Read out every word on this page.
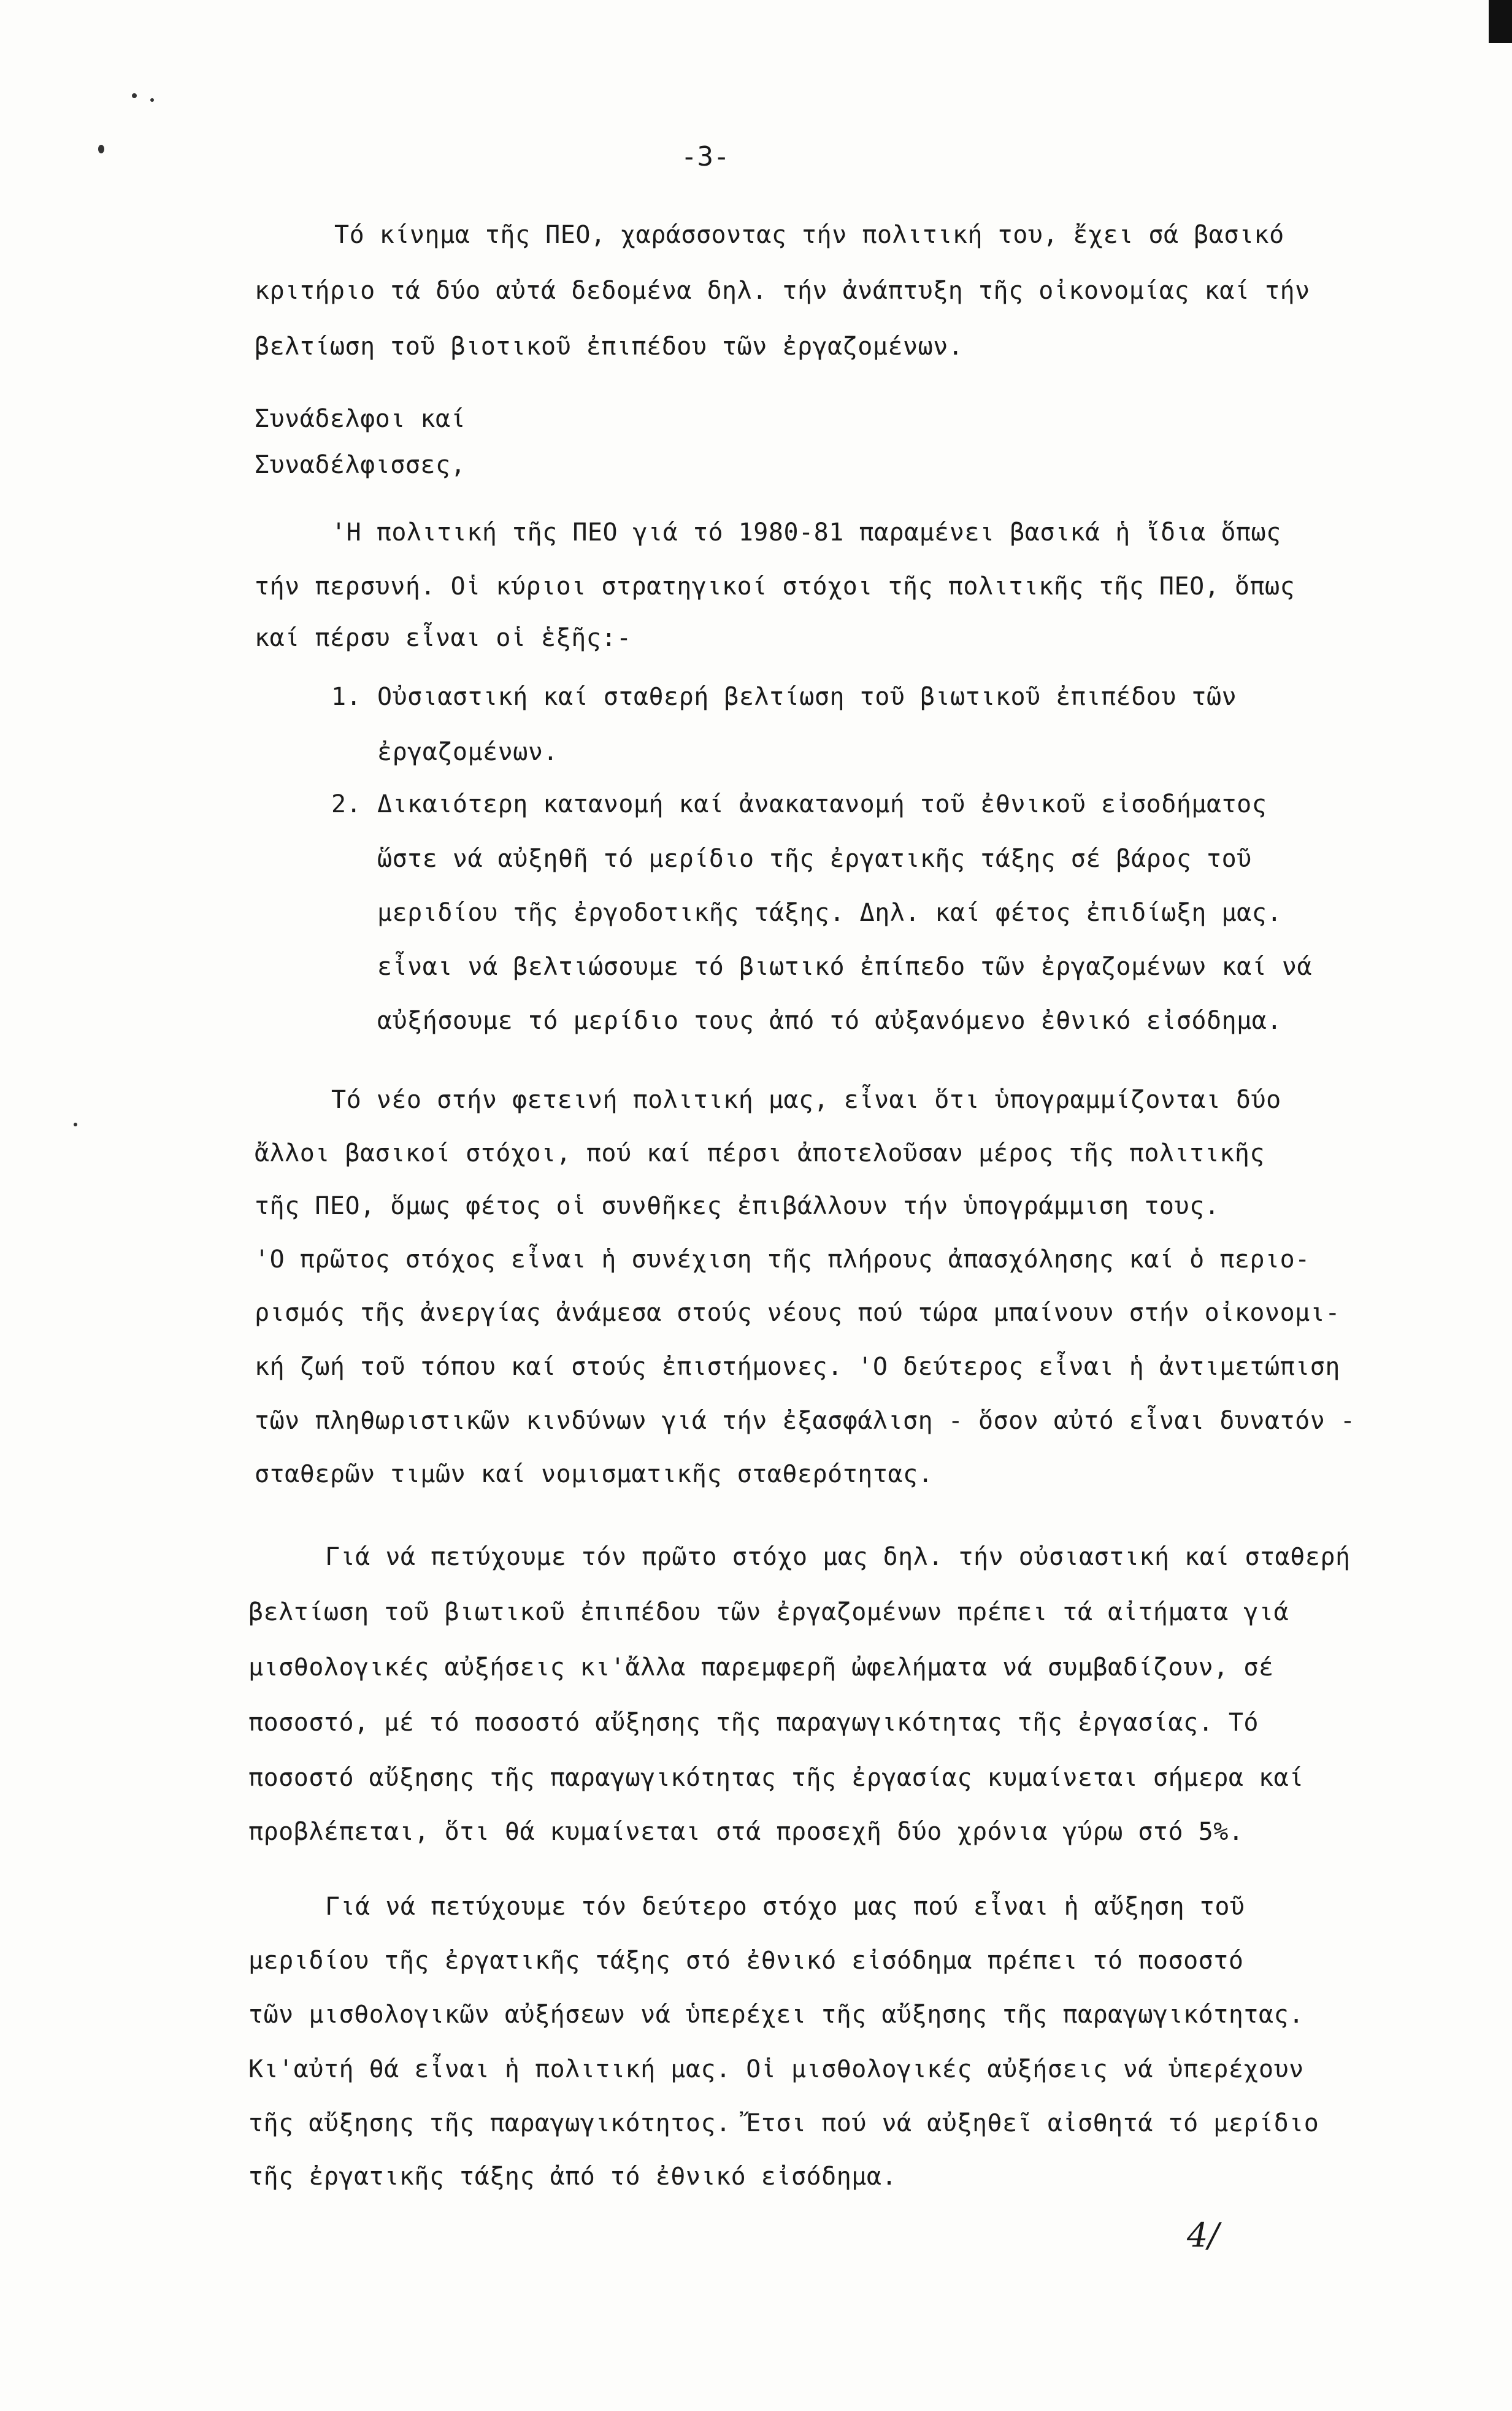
-3-
Τό κίνημα τῆς ΠΕΟ, χαράσσοντας τήν πολιτική του, ἔχει σά βασικό
κριτήριο τά δύο αὐτά δεδομένα δηλ. τήν ἀνάπτυξη τῆς οἰκονομίας καί τήν
βελτίωση τοῦ βιοτικοῦ ἐπιπέδου τῶν ἐργαζομένων.
Συνάδελφοι καί
Συναδέλφισσες,
'Η πολιτική τῆς ΠΕΟ γιά τό 1980-81 παραμένει βασικά ἡ ἴδια ὅπως
τήν περσυνή. Οἱ κύριοι στρατηγικοί στόχοι τῆς πολιτικῆς τῆς ΠΕΟ, ὅπως
καί πέρσυ εἶναι οἱ ἑξῆς:-
1. Οὐσιαστική καί σταθερή βελτίωση τοῦ βιωτικοῦ ἐπιπέδου τῶν
ἐργαζομένων.
2. Δικαιότερη κατανομή καί ἀνακατανομή τοῦ ἐθνικοῦ εἰσοδήματος
ὥστε νά αὐξηθῆ τό μερίδιο τῆς ἐργατικῆς τάξης σέ βάρος τοῦ
μεριδίου τῆς ἐργοδοτικῆς τάξης. Δηλ. καί φέτος ἐπιδίωξη μας.
εἶναι νά βελτιώσουμε τό βιωτικό ἐπίπεδο τῶν ἐργαζομένων καί νά
αὐξήσουμε τό μερίδιο τους ἀπό τό αὐξανόμενο ἐθνικό εἰσόδημα.
Τό νέο στήν φετεινή πολιτική μας, εἶναι ὅτι ὑπογραμμίζονται δύο
ἄλλοι βασικοί στόχοι, πού καί πέρσι ἀποτελοῦσαν μέρος τῆς πολιτικῆς
τῆς ΠΕΟ, ὅμως φέτος οἱ συνθῆκες ἐπιβάλλουν τήν ὑπογράμμιση τους.
'Ο πρῶτος στόχος εἶναι ἡ συνέχιση τῆς πλήρους ἀπασχόλησης καί ὁ περιο-
ρισμός τῆς ἀνεργίας ἀνάμεσα στούς νέους πού τώρα μπαίνουν στήν οἰκονομι-
κή ζωή τοῦ τόπου καί στούς ἐπιστήμονες. 'Ο δεύτερος εἶναι ἡ ἀντιμετώπιση
τῶν πληθωριστικῶν κινδύνων γιά τήν ἐξασφάλιση - ὅσον αὐτό εἶναι δυνατόν -
σταθερῶν τιμῶν καί νομισματικῆς σταθερότητας.
Γιά νά πετύχουμε τόν πρῶτο στόχο μας δηλ. τήν οὐσιαστική καί σταθερή
βελτίωση τοῦ βιωτικοῦ ἐπιπέδου τῶν ἐργαζομένων πρέπει τά αἰτήματα γιά
μισθολογικές αὐξήσεις κι'ἄλλα παρεμφερῆ ὠφελήματα νά συμβαδίζουν, σέ
ποσοστό, μέ τό ποσοστό αὔξησης τῆς παραγωγικότητας τῆς ἐργασίας. Τό
ποσοστό αὔξησης τῆς παραγωγικότητας τῆς ἐργασίας κυμαίνεται σήμερα καί
προβλέπεται, ὅτι θά κυμαίνεται στά προσεχῆ δύο χρόνια γύρω στό 5%.
Γιά νά πετύχουμε τόν δεύτερο στόχο μας πού εἶναι ἡ αὔξηση τοῦ
μεριδίου τῆς ἐργατικῆς τάξης στό ἐθνικό εἰσόδημα πρέπει τό ποσοστό
τῶν μισθολογικῶν αὐξήσεων νά ὑπερέχει τῆς αὔξησης τῆς παραγωγικότητας.
Κι'αὐτή θά εἶναι ἡ πολιτική μας. Οἱ μισθολογικές αὐξήσεις νά ὑπερέχουν
τῆς αὔξησης τῆς παραγωγικότητος. Ἔτσι πού νά αὐξηθεῖ αἰσθητά τό μερίδιο
τῆς ἐργατικῆς τάξης ἀπό τό ἐθνικό εἰσόδημα.
4/
